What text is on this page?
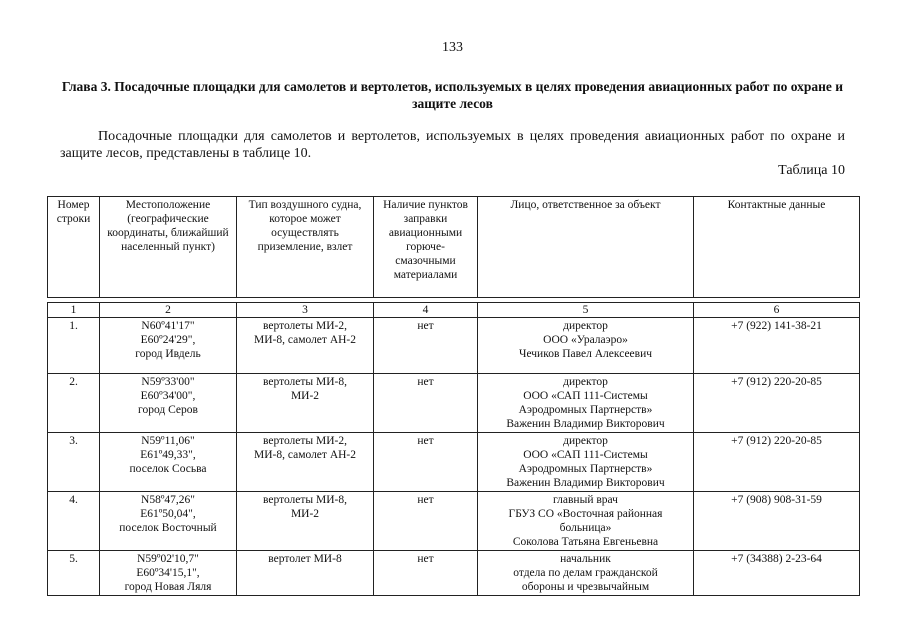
133
Глава 3. Посадочные площадки для самолетов и вертолетов, используемых в целях проведения авиационных работ по охране и защите лесов
Посадочные площадки для самолетов и вертолетов, используемых в целях проведения авиационных работ по охране и защите лесов, представлены в таблице 10.
Таблица 10
Номер строки	Местоположение (географические координаты, ближайший населенный пункт)	Тип воздушного судна, которое может осуществлять приземление, взлет	Наличие пунктов заправки авиационными горюче-смазочными материалами	Лицо, ответственное за объект	Контактные данные

1	2	3	4	5	6
1.	N60º41'17"
E60º24'29",
город Ивдель	вертолеты МИ-2,
МИ-8, самолет АН-2	нет	директор
ООО «Уралаэро»
Чечиков Павел Алексеевич	+7 (922) 141-38-21
2.	N59º33'00"
E60º34'00",
город Серов	вертолеты МИ-8,
МИ-2	нет	директор
ООО «САП 111-Системы
Аэродромных Партнерств»
Важенин Владимир Викторович	+7 (912) 220-20-85
3.	N59º11,06"
E61º49,33",
поселок Сосьва	вертолеты МИ-2,
МИ-8, самолет АН-2	нет	директор
ООО «САП 111-Системы
Аэродромных Партнерств»
Важенин Владимир Викторович	+7 (912) 220-20-85
4.	N58º47,26"
E61º50,04",
поселок Восточный	вертолеты МИ-8,
МИ-2	нет	главный врач
ГБУЗ СО «Восточная районная
больница»
Соколова Татьяна Евгеньевна	+7 (908) 908-31-59
5.	N59º02'10,7"
E60º34'15,1",
город Новая Ляля	вертолет МИ-8	нет	начальник
отдела по делам гражданской
обороны и чрезвычайным	+7 (34388) 2-23-64
